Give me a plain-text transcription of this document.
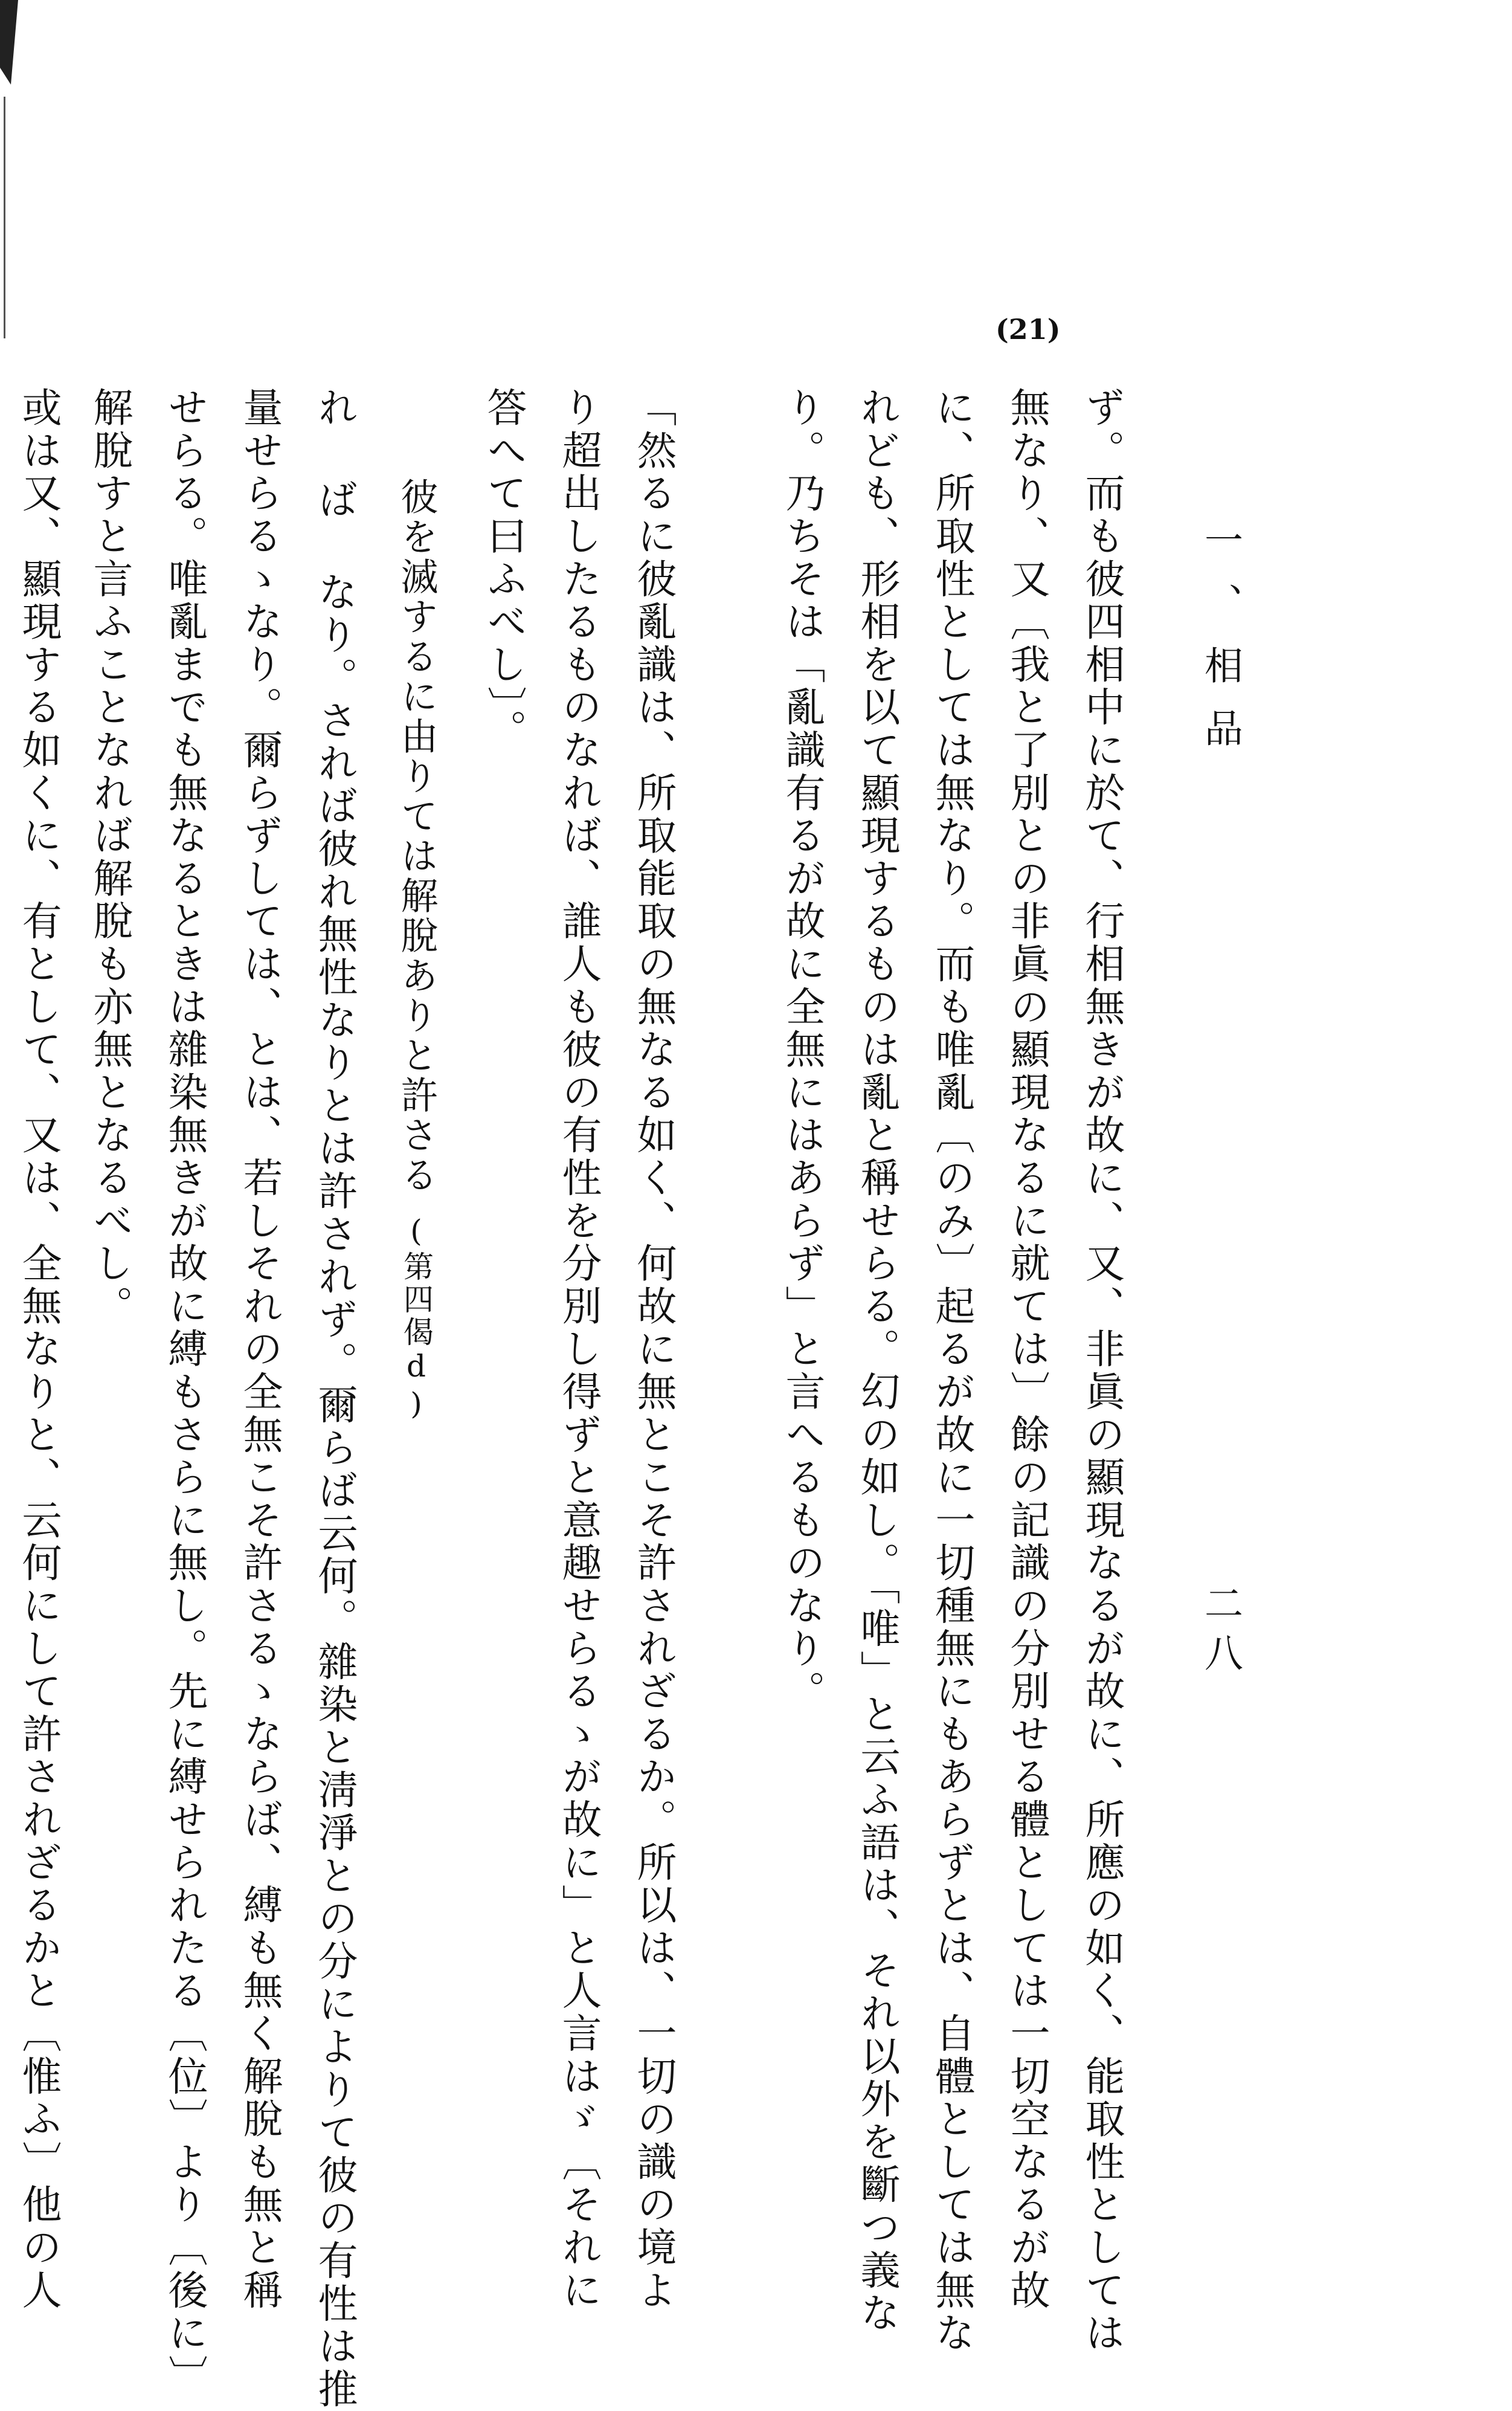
一、相品
二八
(21)
ず。而も彼四相中に於て、行相無きが故に、又、非眞の顯現なるが故に、所應の如く、能取性としては
無なり、又〔我と了別との非眞の顯現なるに就ては〕餘の記識の分別せる體としては一切空なるが故
に、所取性としては無なり。而も唯亂〔のみ〕起るが故に一切種無にもあらずとは、自體としては無な
れども、形相を以て顯現するものは亂と稱せらる。幻の如し。「唯」と云ふ語は、それ以外を斷つ義な
り。乃ちそは「亂識有るが故に全無にはあらず」と言へるものなり。
「然るに彼亂識は、所取能取の無なる如く、何故に無とこそ許されざるか。所以は、一切の識の境よ
り超出したるものなれば、誰人も彼の有性を分別し得ずと意趣せらるゝが故に」と人言はゞ〔それに
答へて曰ふべし〕。
彼を滅するに由りては解脫ありと許さる(第四偈d)
れ ば なり。されば彼れ無性なりとは許されず。爾らば云何。雜染と淸淨との分によりて彼の有性は推
量せらるゝなり。爾らずしては、とは、若しそれの全無こそ許さるゝならば、縛も無く解脫も無と稱
せらる。唯亂までも無なるときは雜染無きが故に縛もさらに無し。先に縛せられたる〔位〕より〔後に〕
解脫すと言ふことなれば解脫も亦無となるべし。
或は又、顯現する如くに、有として、又は、全無なりと、云何にして許されざるかと〔惟ふ〕他の人
